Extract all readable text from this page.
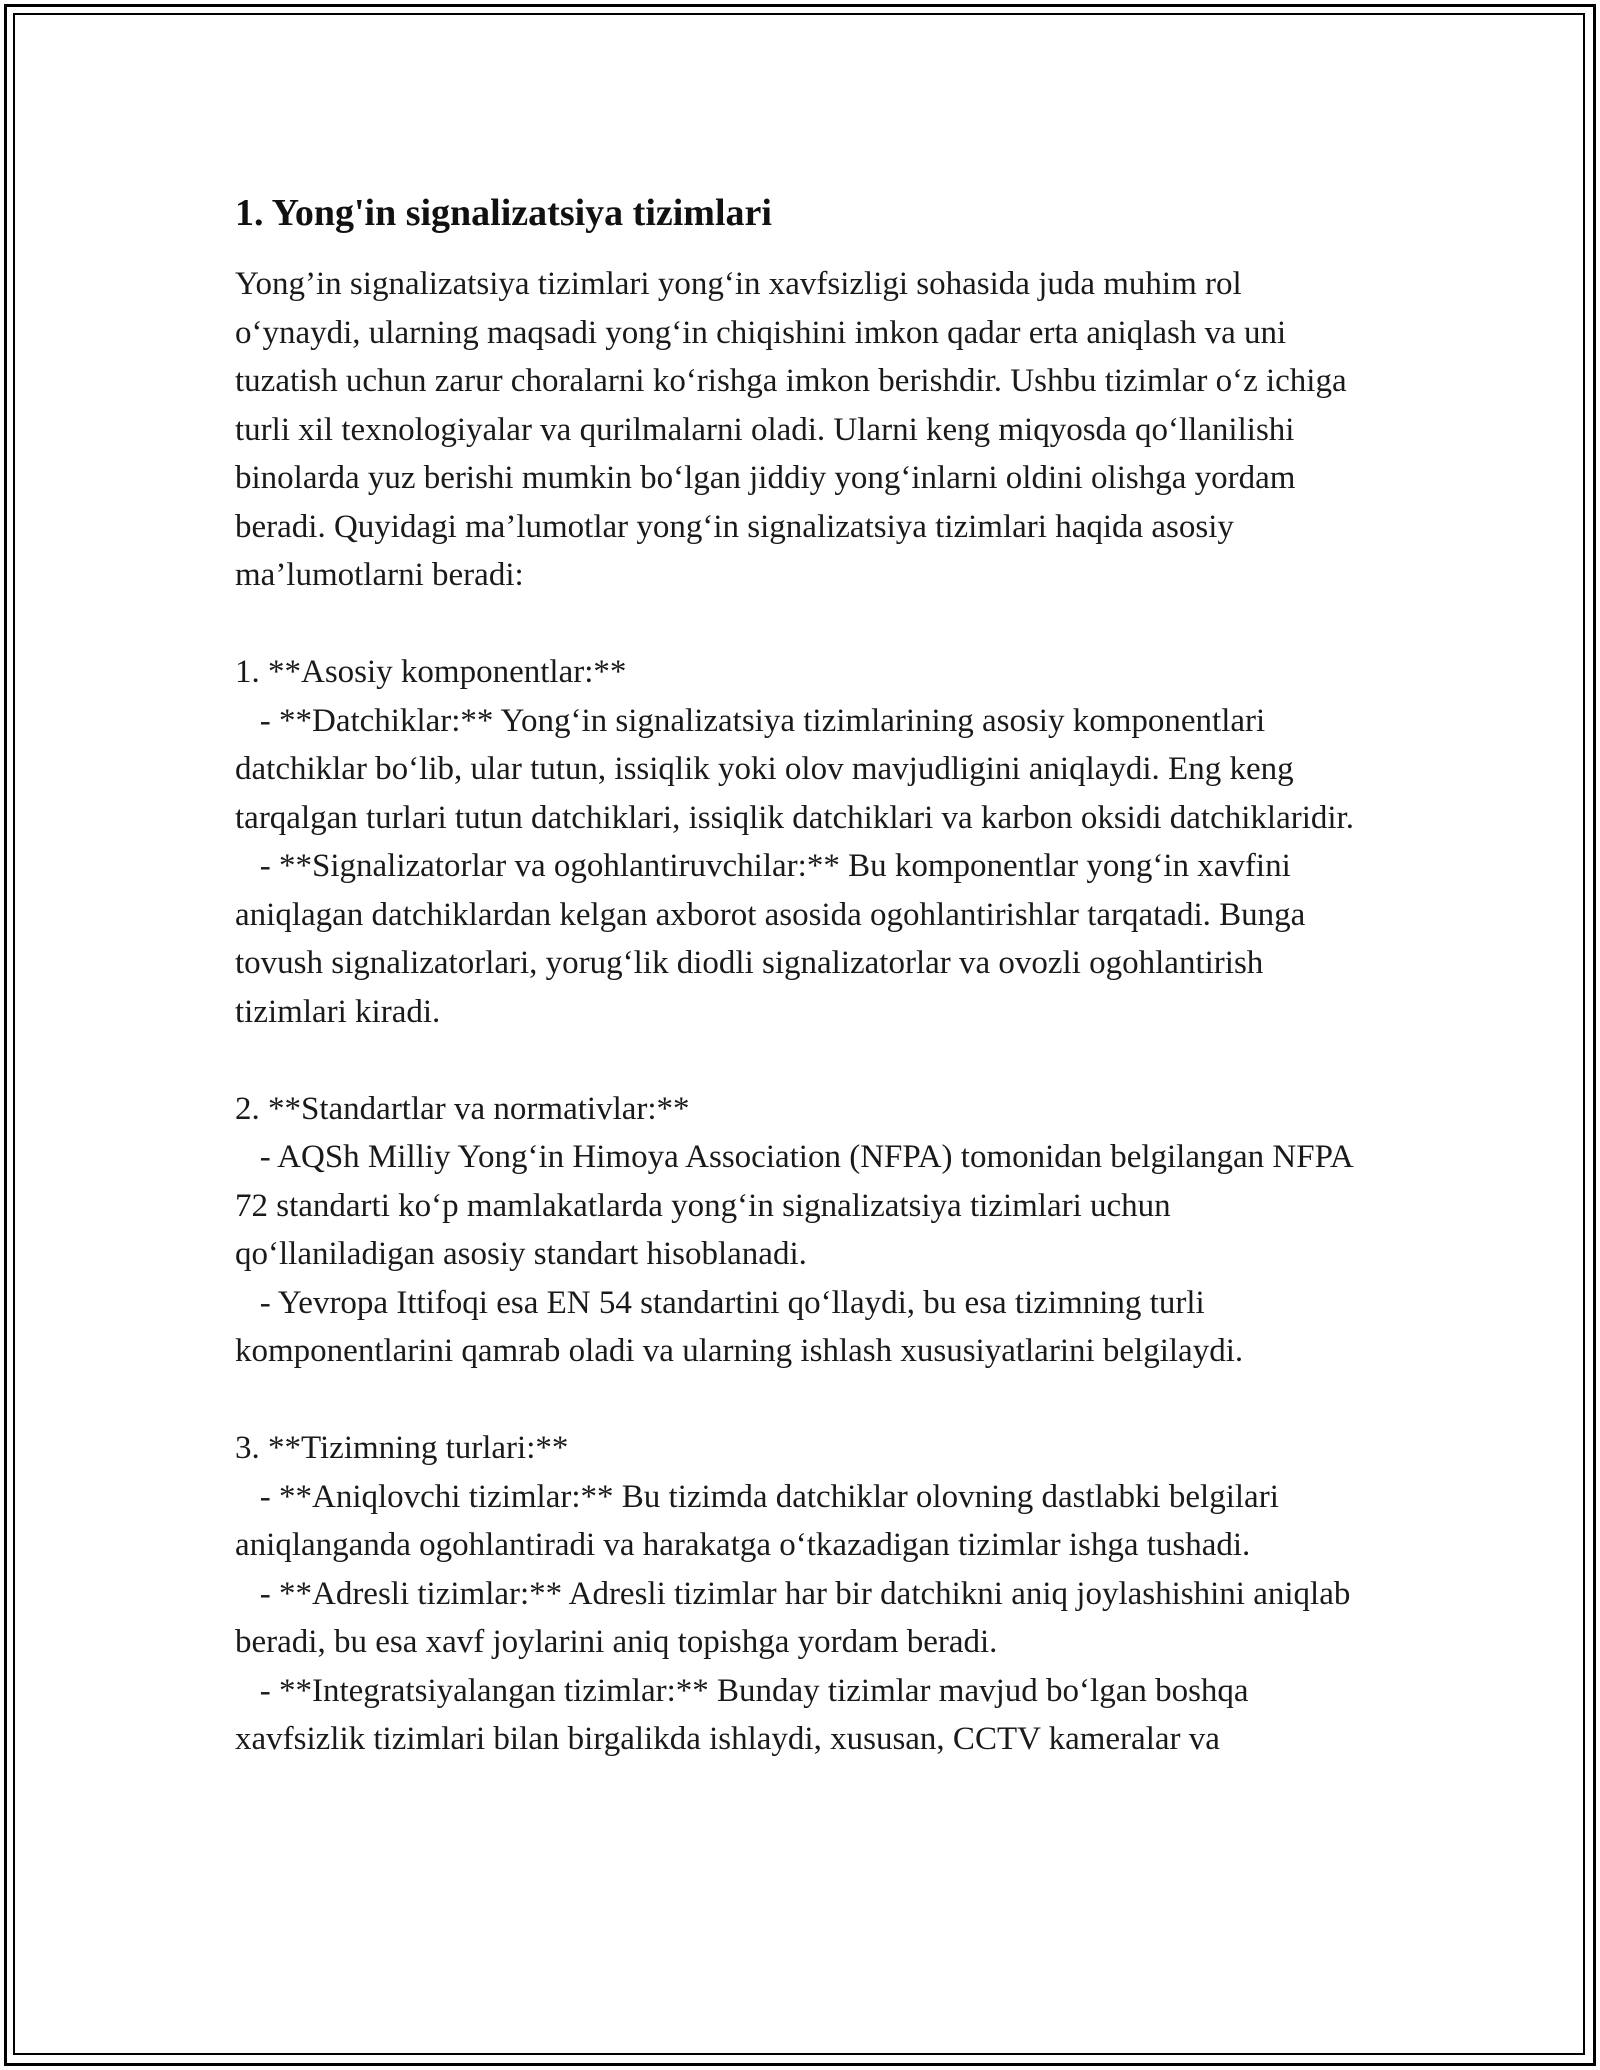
1. Yong'in signalizatsiya tizimlari

Yong’in signalizatsiya tizimlari yong‘in xavfsizligi sohasida juda muhim rol o‘ynaydi, ularning maqsadi yong‘in chiqishini imkon qadar erta aniqlash va uni tuzatish uchun zarur choralarni ko‘rishga imkon berishdir. Ushbu tizimlar o‘z ichiga turli xil texnologiyalar va qurilmalarni oladi. Ularni keng miqyosda qo‘llanilishi binolarda yuz berishi mumkin bo‘lgan jiddiy yong‘inlarni oldini olishga yordam beradi. Quyidagi ma’lumotlar yong‘in signalizatsiya tizimlari haqida asosiy ma’lumotlarni beradi:

1. **Asosiy komponentlar:**
- **Datchiklar:** Yong‘in signalizatsiya tizimlarining asosiy komponentlari datchiklar bo‘lib, ular tutun, issiqlik yoki olov mavjudligini aniqlaydi. Eng keng tarqalgan turlari tutun datchiklari, issiqlik datchiklari va karbon oksidi datchiklaridir.
- **Signalizatorlar va ogohlantiruvchilar:** Bu komponentlar yong‘in xavfini aniqlagan datchiklardan kelgan axborot asosida ogohlantirishlar tarqatadi. Bunga tovush signalizatorlari, yorug‘lik diodli signalizatorlar va ovozli ogohlantirish tizimlari kiradi.

2. **Standartlar va normativlar:**
- AQSh Milliy Yong‘in Himoya Association (NFPA) tomonidan belgilangan NFPA 72 standarti ko‘p mamlakatlarda yong‘in signalizatsiya tizimlari uchun qo‘llaniladigan asosiy standart hisoblanadi.
- Yevropa Ittifoqi esa EN 54 standartini qo‘llaydi, bu esa tizimning turli komponentlarini qamrab oladi va ularning ishlash xususiyatlarini belgilaydi.

3. **Tizimning turlari:**
- **Aniqlovchi tizimlar:** Bu tizimda datchiklar olovning dastlabki belgilari aniqlanganda ogohlantiradi va harakatga o‘tkazadigan tizimlar ishga tushadi.
- **Adresli tizimlar:** Adresli tizimlar har bir datchikni aniq joylashishini aniqlab beradi, bu esa xavf joylarini aniq topishga yordam beradi.
- **Integratsiyalangan tizimlar:** Bunday tizimlar mavjud bo‘lgan boshqa xavfsizlik tizimlari bilan birgalikda ishlaydi, xususan, CCTV kameralar va
